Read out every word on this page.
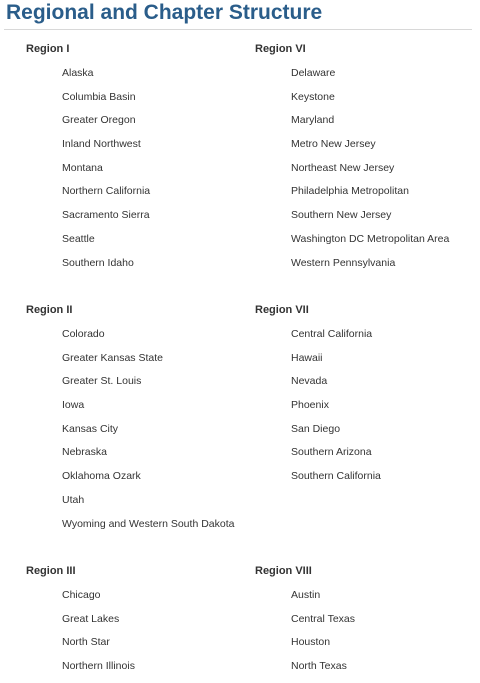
Regional and Chapter Structure
Region I
Alaska
Columbia Basin
Greater Oregon
Inland Northwest
Montana
Northern California
Sacramento Sierra
Seattle
Southern Idaho
Region VI
Delaware
Keystone
Maryland
Metro New Jersey
Northeast New Jersey
Philadelphia Metropolitan
Southern New Jersey
Washington DC Metropolitan Area
Western Pennsylvania
Region II
Colorado
Greater Kansas State
Greater St. Louis
Iowa
Kansas City
Nebraska
Oklahoma Ozark
Utah
Wyoming and Western South Dakota
Region VII
Central California
Hawaii
Nevada
Phoenix
San Diego
Southern Arizona
Southern California
Region III
Chicago
Great Lakes
North Star
Northern Illinois
Region VIII
Austin
Central Texas
Houston
North Texas
